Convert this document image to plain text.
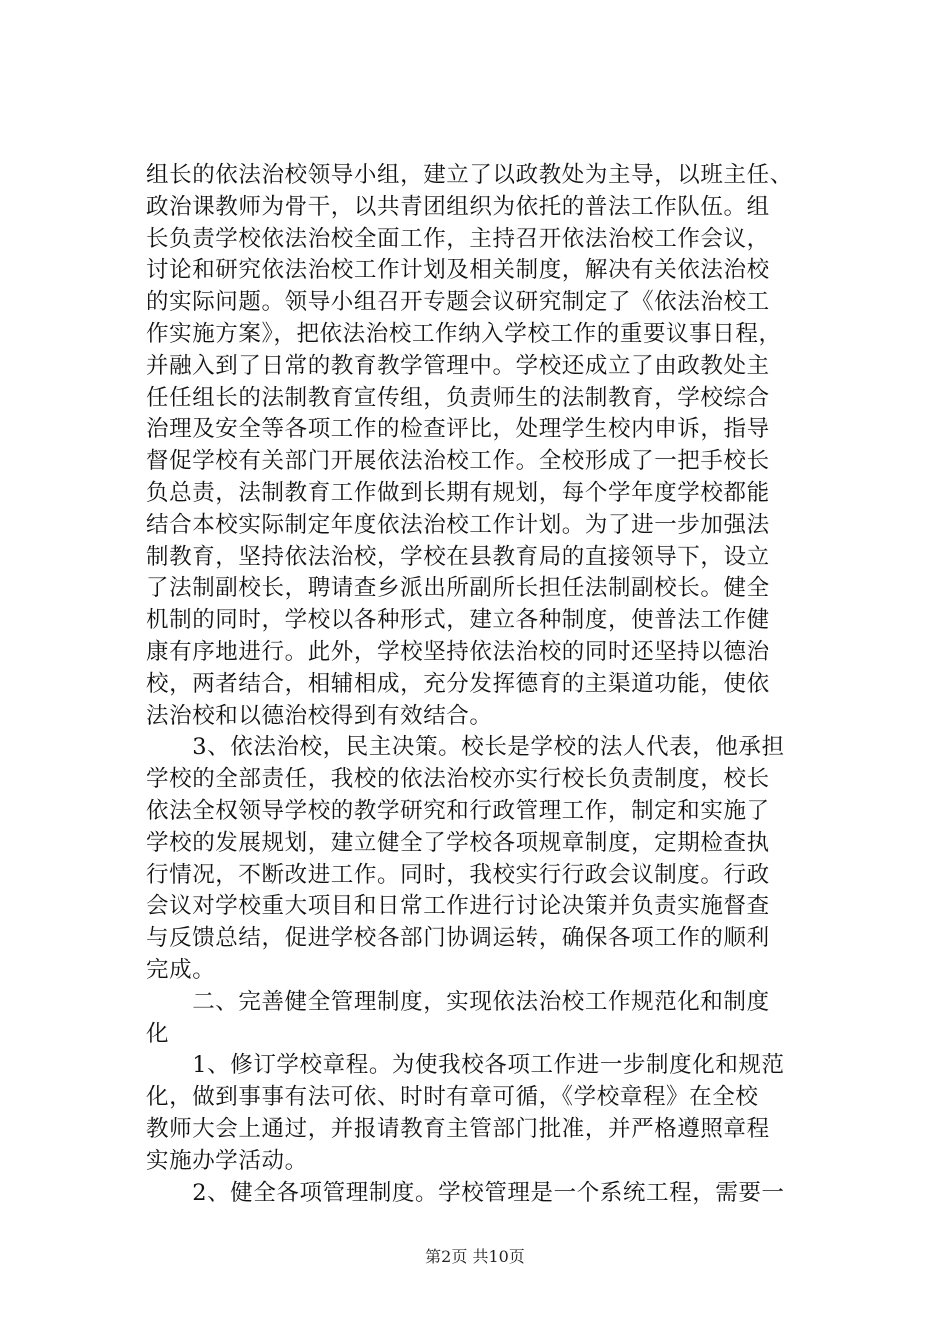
组长的依法治校领导小组，建立了以政教处为主导，以班主任、
政治课教师为骨干，以共青团组织为依托的普法工作队伍。组
长负责学校依法治校全面工作，主持召开依法治校工作会议，
讨论和研究依法治校工作计划及相关制度，解决有关依法治校
的实际问题。领导小组召开专题会议研究制定了《依法治校工
作实施方案》，把依法治校工作纳入学校工作的重要议事日程，
并融入到了日常的教育教学管理中。学校还成立了由政教处主
任任组长的法制教育宣传组，负责师生的法制教育，学校综合
治理及安全等各项工作的检查评比，处理学生校内申诉，指导
督促学校有关部门开展依法治校工作。全校形成了一把手校长
负总责，法制教育工作做到长期有规划，每个学年度学校都能
结合本校实际制定年度依法治校工作计划。为了进一步加强法
制教育，坚持依法治校，学校在县教育局的直接领导下，设立
了法制副校长，聘请查乡派出所副所长担任法制副校长。健全
机制的同时，学校以各种形式，建立各种制度，使普法工作健
康有序地进行。此外，学校坚持依法治校的同时还坚持以德治
校，两者结合，相辅相成，充分发挥德育的主渠道功能，使依
法治校和以德治校得到有效结合。
　　3、依法治校，民主决策。校长是学校的法人代表，他承担
学校的全部责任，我校的依法治校亦实行校长负责制度，校长
依法全权领导学校的教学研究和行政管理工作，制定和实施了
学校的发展规划，建立健全了学校各项规章制度，定期检查执
行情况，不断改进工作。同时，我校实行行政会议制度。行政
会议对学校重大项目和日常工作进行讨论决策并负责实施督查
与反馈总结，促进学校各部门协调运转，确保各项工作的顺利
完成。
　　二、完善健全管理制度，实现依法治校工作规范化和制度
化
　　1、修订学校章程。为使我校各项工作进一步制度化和规范
化，做到事事有法可依、时时有章可循，《学校章程》在全校
教师大会上通过，并报请教育主管部门批准，并严格遵照章程
实施办学活动。
　　2、健全各项管理制度。学校管理是一个系统工程，需要一
第2页 共10页
